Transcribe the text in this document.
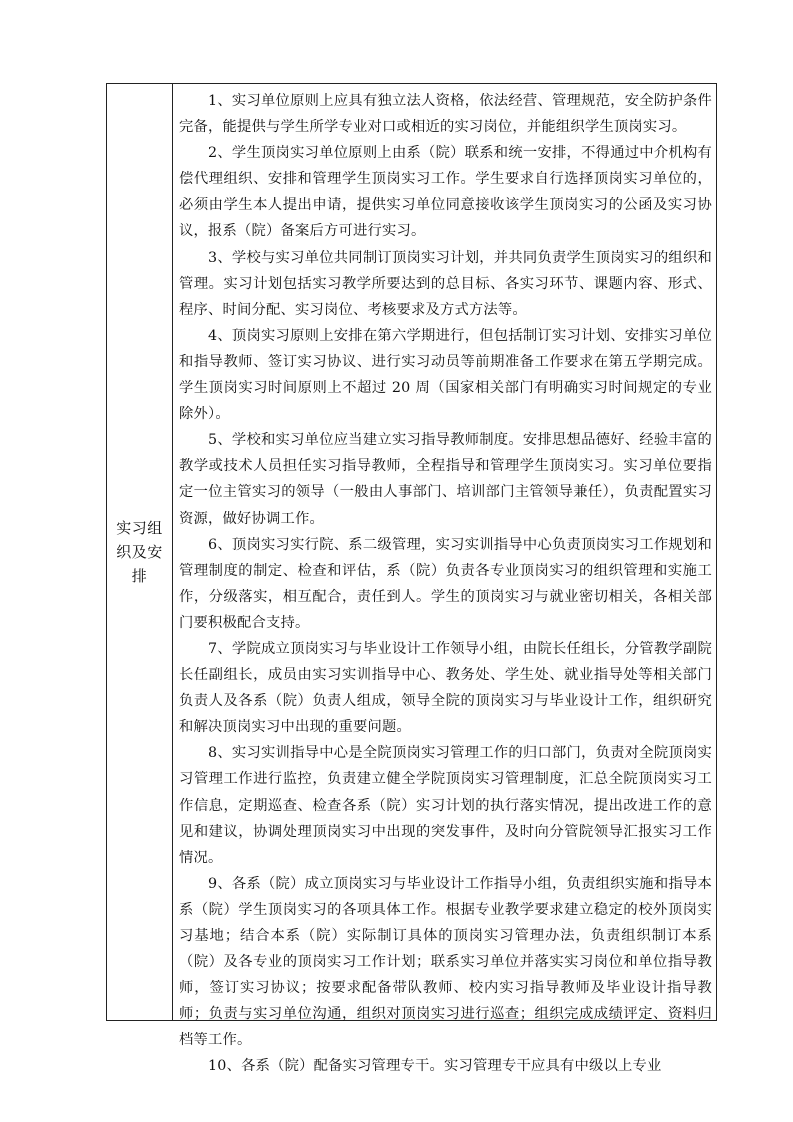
实习组织及安排

1、实习单位原则上应具有独立法人资格，依法经营、管理规范，安全防护条件完备，能提供与学生所学专业对口或相近的实习岗位，并能组织学生顶岗实习。

2、学生顶岗实习单位原则上由系（院）联系和统一安排，不得通过中介机构有偿代理组织、安排和管理学生顶岗实习工作。学生要求自行选择顶岗实习单位的，必须由学生本人提出申请，提供实习单位同意接收该学生顶岗实习的公函及实习协议，报系（院）备案后方可进行实习。

3、学校与实习单位共同制订顶岗实习计划，并共同负责学生顶岗实习的组织和管理。实习计划包括实习教学所要达到的总目标、各实习环节、课题内容、形式、程序、时间分配、实习岗位、考核要求及方式方法等。

4、顶岗实习原则上安排在第六学期进行，但包括制订实习计划、安排实习单位和指导教师、签订实习协议、进行实习动员等前期准备工作要求在第五学期完成。学生顶岗实习时间原则上不超过 20 周（国家相关部门有明确实习时间规定的专业除外）。

5、学校和实习单位应当建立实习指导教师制度。安排思想品德好、经验丰富的教学或技术人员担任实习指导教师，全程指导和管理学生顶岗实习。实习单位要指定一位主管实习的领导（一般由人事部门、培训部门主管领导兼任），负责配置实习资源，做好协调工作。

6、顶岗实习实行院、系二级管理，实习实训指导中心负责顶岗实习工作规划和管理制度的制定、检查和评估，系（院）负责各专业顶岗实习的组织管理和实施工作，分级落实，相互配合，责任到人。学生的顶岗实习与就业密切相关，各相关部门要积极配合支持。

7、学院成立顶岗实习与毕业设计工作领导小组，由院长任组长，分管教学副院长任副组长，成员由实习实训指导中心、教务处、学生处、就业指导处等相关部门负责人及各系（院）负责人组成，领导全院的顶岗实习与毕业设计工作，组织研究和解决顶岗实习中出现的重要问题。

8、实习实训指导中心是全院顶岗实习管理工作的归口部门，负责对全院顶岗实习管理工作进行监控，负责建立健全学院顶岗实习管理制度，汇总全院顶岗实习工作信息，定期巡查、检查各系（院）实习计划的执行落实情况，提出改进工作的意见和建议，协调处理顶岗实习中出现的突发事件，及时向分管院领导汇报实习工作情况。

9、各系（院）成立顶岗实习与毕业设计工作指导小组，负责组织实施和指导本系（院）学生顶岗实习的各项具体工作。根据专业教学要求建立稳定的校外顶岗实习基地；结合本系（院）实际制订具体的顶岗实习管理办法，负责组织制订本系（院）及各专业的顶岗实习工作计划；联系实习单位并落实实习岗位和单位指导教师，签订实习协议；按要求配备带队教师、校内实习指导教师及毕业设计指导教师；负责与实习单位沟通，组织对顶岗实习进行巡查；组织完成成绩评定、资料归档等工作。

10、各系（院）配备实习管理专干。实习管理专干应具有中级以上专业
